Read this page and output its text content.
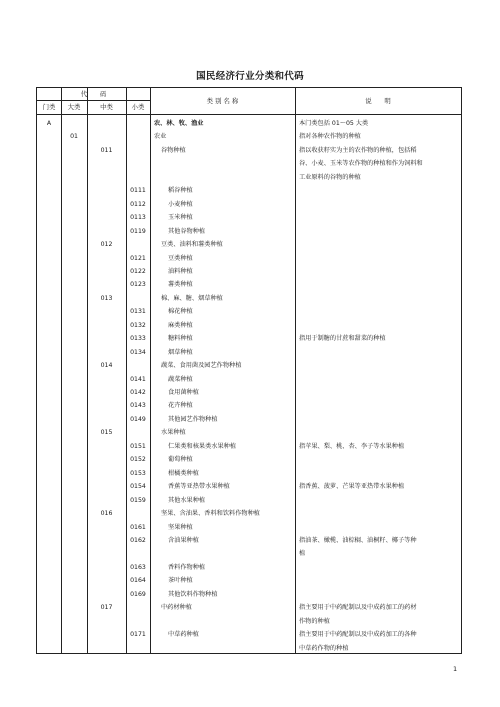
国民经济行业分类和代码
代　　码
门类	大类	中类	小类
类 别 名 称	说　　明
A	农、林、牧、渔业	本门类包括 01～05 大类
01	农业	指对各种农作物的种植
011	谷物种植	指以收获籽实为主的农作物的种植，包括稻
谷、小麦、玉米等农作物的种植和作为饲料和
工业原料的谷物的种植
0111	稻谷种植
0112	小麦种植
0113	玉米种植
0119	其他谷物种植
012	豆类、油料和薯类种植
0121	豆类种植
0122	油料种植
0123	薯类种植
013	棉、麻、糖、烟草种植
0131	棉花种植
0132	麻类种植
0133	糖料种植	指用于制糖的甘蔗和甜菜的种植
0134	烟草种植
014	蔬菜、食用菌及园艺作物种植
0141	蔬菜种植
0142	食用菌种植
0143	花卉种植
0149	其他园艺作物种植
015	水果种植
0151	仁果类和核果类水果种植	指苹果、梨、桃、杏、李子等水果种植
0152	葡萄种植
0153	柑橘类种植
0154	香蕉等亚热带水果种植	指香蕉、菠萝、芒果等亚热带水果种植
0159	其他水果种植
016	坚果、含油果、香料和饮料作物种植
0161	坚果种植
0162	含油果种植	指油茶、橄榄、油棕榈、油桐籽、椰子等种
植
0163	香料作物种植
0164	茶叶种植
0169	其他饮料作物种植
017	中药材种植	指主要用于中药配制以及中成药加工的药材
作物的种植
0171	中草药种植	指主要用于中药配制以及中成药加工的各种
中草药作物的种植
1
